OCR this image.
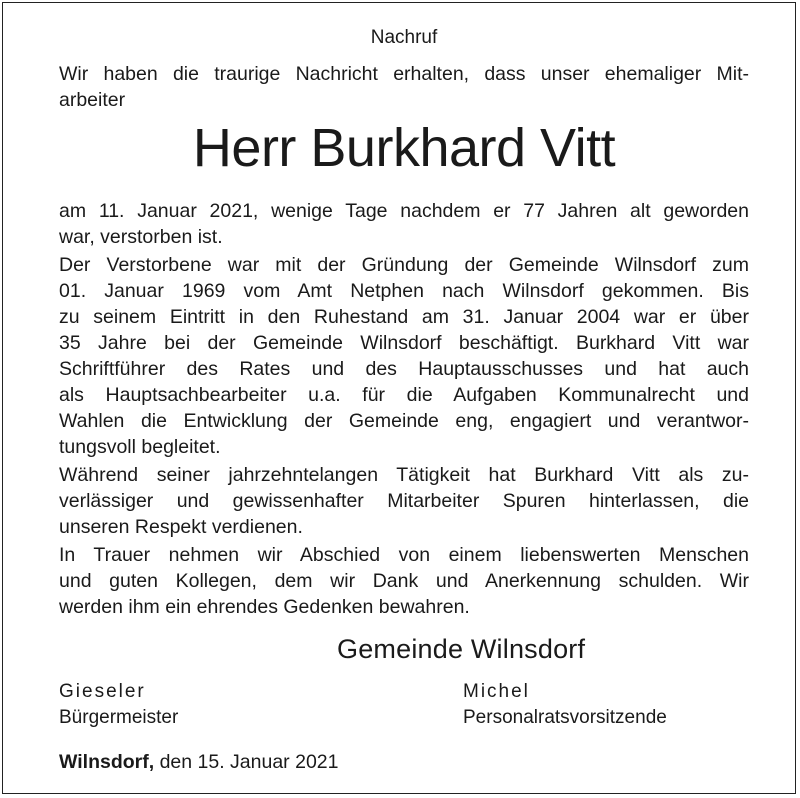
Nachruf
Wir haben die traurige Nachricht erhalten, dass unser ehemaliger Mit-
arbeiter
Herr Burkhard Vitt
am 11. Januar 2021, wenige Tage nachdem er 77 Jahren alt geworden
war, verstorben ist.
Der Verstorbene war mit der Gründung der Gemeinde Wilnsdorf zum
01. Januar 1969 vom Amt Netphen nach Wilnsdorf gekommen. Bis
zu seinem Eintritt in den Ruhestand am 31. Januar 2004 war er über
35 Jahre bei der Gemeinde Wilnsdorf beschäftigt. Burkhard Vitt war
Schriftführer des Rates und des Hauptausschusses und hat auch
als Hauptsachbearbeiter u.a. für die Aufgaben Kommunalrecht und
Wahlen die Entwicklung der Gemeinde eng, engagiert und verantwor-
tungsvoll begleitet.
Während seiner jahrzehntelangen Tätigkeit hat Burkhard Vitt als zu-
verlässiger und gewissenhafter Mitarbeiter Spuren hinterlassen, die
unseren Respekt verdienen.
In Trauer nehmen wir Abschied von einem liebenswerten Menschen
und guten Kollegen, dem wir Dank und Anerkennung schulden. Wir
werden ihm ein ehrendes Gedenken bewahren.
Gemeinde Wilnsdorf
Gieseler
Bürgermeister
Michel
Personalratsvorsitzende
Wilnsdorf, den 15. Januar 2021
